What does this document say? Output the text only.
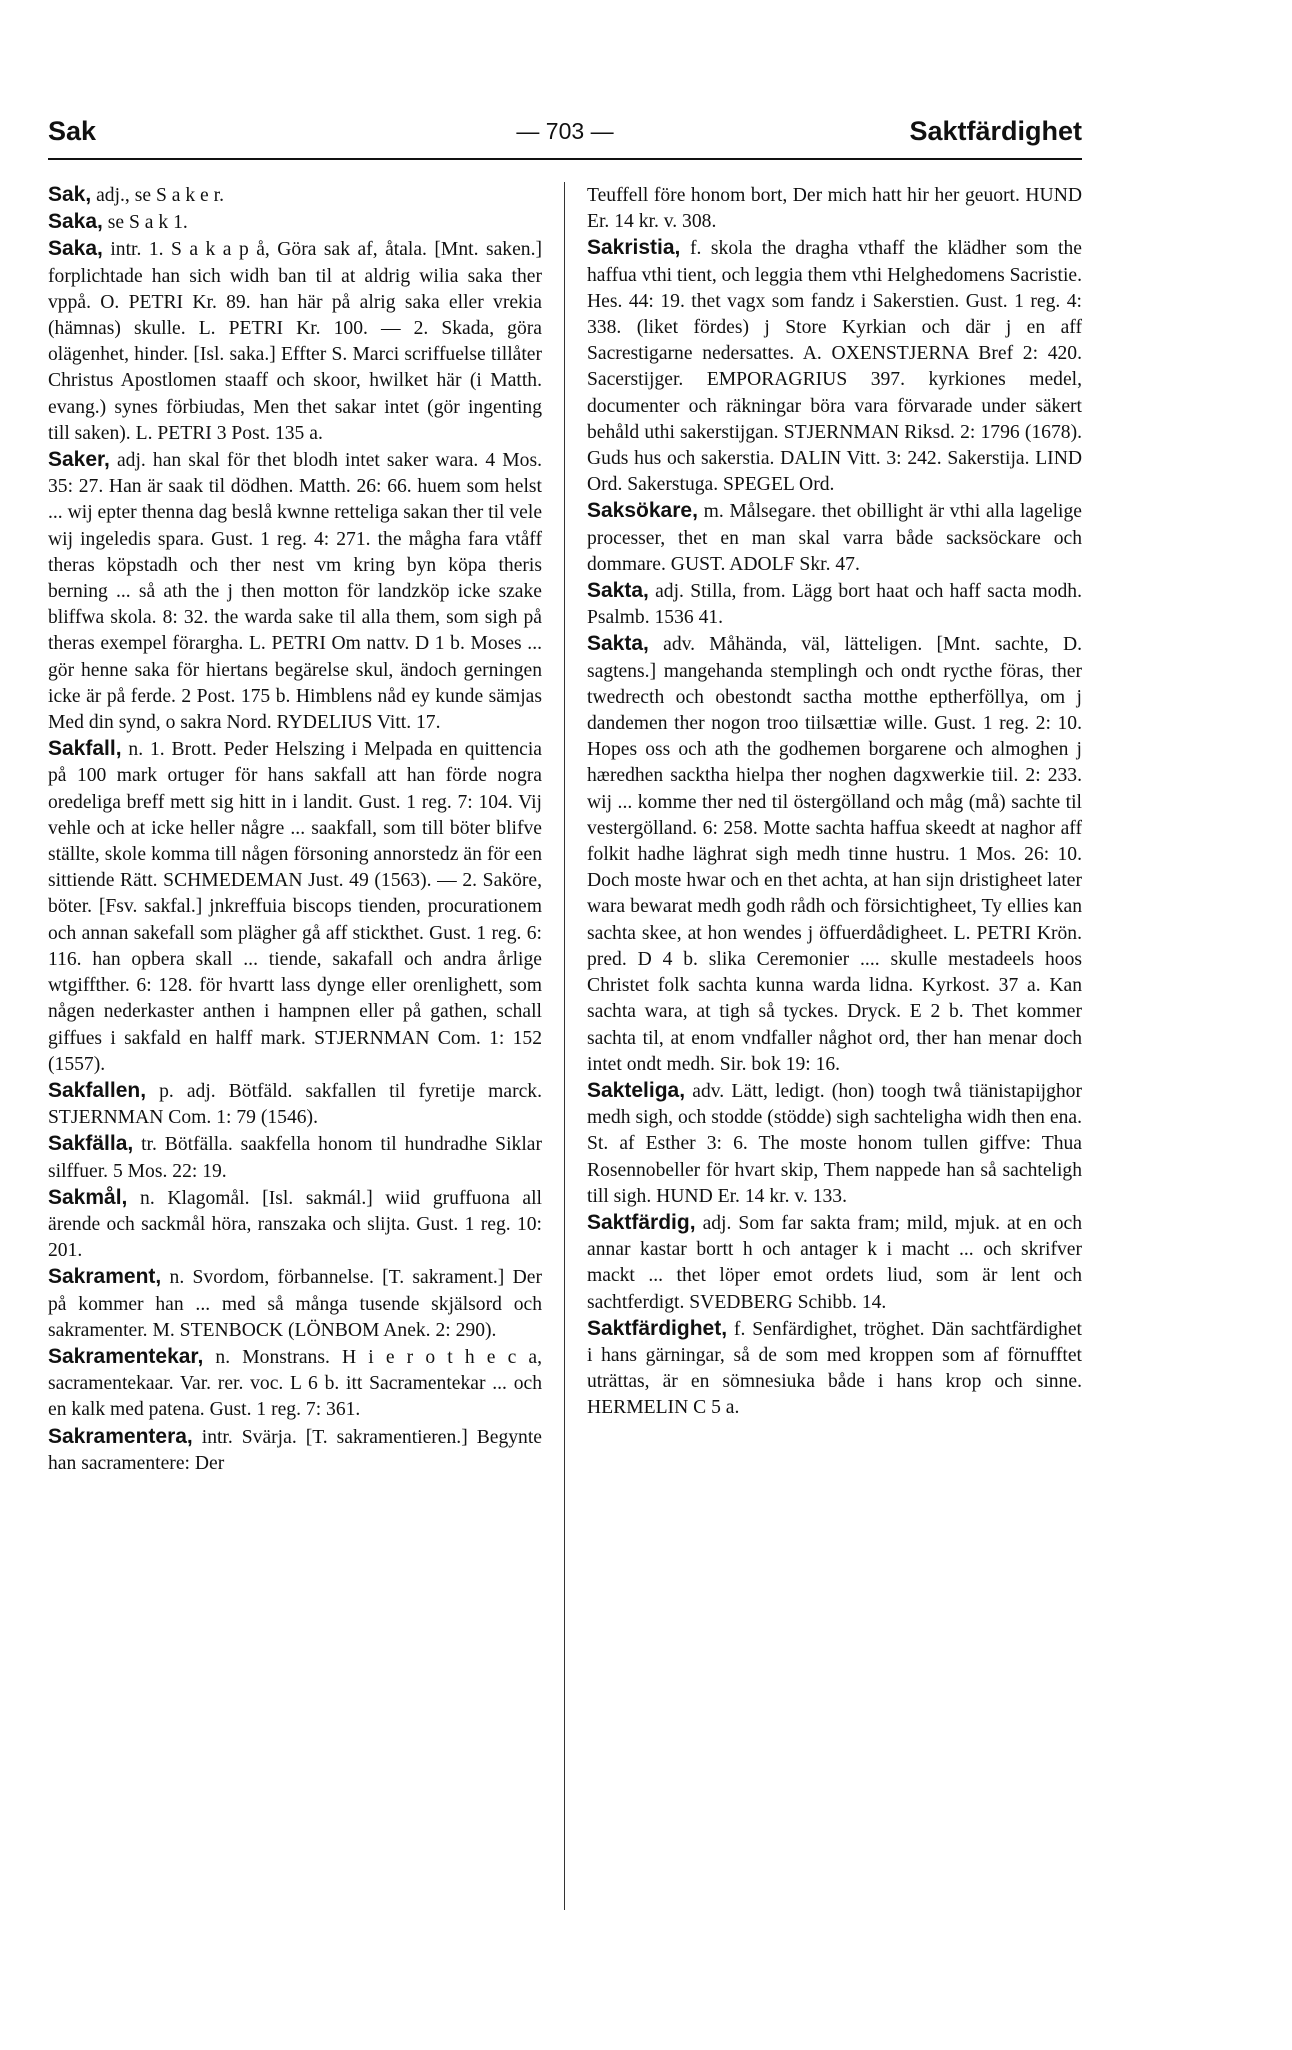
Sak	— 703 —	Saktfärdighet

Sak, adj., se S a k e r.

Saka, se S a k 1.

Saka, intr. 1. S a k a p å, Göra sak af, åtala. [Mnt. saken.] forplichtade han sich widh ban til at aldrig wilia saka ther vppå. O. PETRI Kr. 89. han här på alrig saka eller vrekia (hämnas) skulle. L. PETRI Kr. 100. — 2. Skada, göra olägenhet, hinder. [Isl. saka.] Effter S. Marci scriffuelse tillåter Christus Apostlomen staaff och skoor, hwilket här (i Matth. evang.) synes förbiudas, Men thet sakar intet (gör ingenting till saken). L. PETRI 3 Post. 135 a.

Saker, adj. han skal för thet blodh intet saker wara. 4 Mos. 35: 27. Han är saak til dödhen. Matth. 26: 66. huem som helst ... wij epter thenna dag beslå kwnne retteliga sakan ther til vele wij ingeledis spara. Gust. 1 reg. 4: 271. the mågha fara vtåff theras köpstadh och ther nest vm kring byn köpa theris berning ... så ath the j then motton för landzköp icke szake bliffwa skola. 8: 32. the warda sake til alla them, som sigh på theras exempel förargha. L. PETRI Om nattv. D 1 b. Moses ... gör henne saka för hiertans begärelse skul, ändoch gerningen icke är på ferde. 2 Post. 175 b. Himblens nåd ey kunde sämjas Med din synd, o sakra Nord. RYDELIUS Vitt. 17.

Sakfall, n. 1. Brott. Peder Helszing i Melpada en quittencia på 100 mark ortuger för hans sakfall att han förde nogra oredeliga breff mett sig hitt in i landit. Gust. 1 reg. 7: 104. Vij vehle och at icke heller någre ... saakfall, som till böter blifve ställte, skole komma till någen försoning annorstedz än för een sittiende Rätt. SCHMEDEMAN Just. 49 (1563). — 2. Saköre, böter. [Fsv. sakfal.] jnkreffuia biscops tienden, procurationem och annan sakefall som plägher gå aff stickthet. Gust. 1 reg. 6: 116. han opbera skall ... tiende, sakafall och andra årlige wtgiffther. 6: 128. för hvartt lass dynge eller orenlighett, som någen nederkaster anthen i hampnen eller på gathen, schall giffues i sakfald en halff mark. STJERNMAN Com. 1: 152 (1557).

Sakfallen, p. adj. Bötfäld. sakfallen til fyretije marck. STJERNMAN Com. 1: 79 (1546).

Sakfälla, tr. Bötfälla. saakfella honom til hundradhe Siklar silffuer. 5 Mos. 22: 19.

Sakmål, n. Klagomål. [Isl. sakmál.] wiid gruffuona all ärende och sackmål höra, ranszaka och slijta. Gust. 1 reg. 10: 201.

Sakrament, n. Svordom, förbannelse. [T. sakrament.] Der på kommer han ... med så många tusende skjälsord och sakramenter. M. STENBOCK (LÖNBOM Anek. 2: 290).

Sakramentekar, n. Monstrans. H i e r o t h e c a, sacramentekaar. Var. rer. voc. L 6 b. itt Sacramentekar ... och en kalk med patena. Gust. 1 reg. 7: 361.

Sakramentera, intr. Svärja. [T. sakramentieren.] Begynte han sacramentere: Der

Teuffell före honom bort, Der mich hatt hir her geuort. HUND Er. 14 kr. v. 308.

Sakristia, f. skola the dragha vthaff the klädher som the haffua vthi tient, och leggia them vthi Helghedomens Sacristie. Hes. 44: 19. thet vagx som fandz i Sakerstien. Gust. 1 reg. 4: 338. (liket fördes) j Store Kyrkian och där j en aff Sacrestigarne nedersattes. A. OXENSTJERNA Bref 2: 420. Sacerstijger. EMPORAGRIUS 397. kyrkiones medel, documenter och räkningar böra vara förvarade under säkert behåld uthi sakerstijgan. STJERNMAN Riksd. 2: 1796 (1678). Guds hus och sakerstia. DALIN Vitt. 3: 242. Sakerstija. LIND Ord. Sakerstuga. SPEGEL Ord.

Saksökare, m. Målsegare. thet obillight är vthi alla lagelige processer, thet en man skal varra både sacksöckare och dommare. GUST. ADOLF Skr. 47.

Sakta, adj. Stilla, from. Lägg bort haat och haff sacta modh. Psalmb. 1536 41.

Sakta, adv. Måhända, väl, lätteligen. [Mnt. sachte, D. sagtens.] mangehanda stemplingh och ondt rycthe föras, ther twedrecth och obestondt sactha motthe eptherföllya, om j dandemen ther nogon troo tiilsættiæ wille. Gust. 1 reg. 2: 10. Hopes oss och ath the godhemen borgarene och almoghen j hæredhen sacktha hielpa ther noghen dagxwerkie tiil. 2: 233. wij ... komme ther ned til östergölland och måg (må) sachte til vestergölland. 6: 258. Motte sachta haffua skeedt at naghor aff folkit hadhe läghrat sigh medh tinne hustru. 1 Mos. 26: 10. Doch moste hwar och en thet achta, at han sijn dristigheet later wara bewarat medh godh rådh och försichtigheet, Ty ellies kan sachta skee, at hon wendes j öffuerdådigheet. L. PETRI Krön. pred. D 4 b. slika Ceremonier .... skulle mestadeels hoos Christet folk sachta kunna warda lidna. Kyrkost. 37 a. Kan sachta wara, at tigh så tyckes. Dryck. E 2 b. Thet kommer sachta til, at enom vndfaller någhot ord, ther han menar doch intet ondt medh. Sir. bok 19: 16.

Sakteliga, adv. Lätt, ledigt. (hon) toogh twå tiänistapijghor medh sigh, och stodde (stödde) sigh sachteligha widh then ena. St. af Esther 3: 6. The moste honom tullen giffve: Thua Rosennobeller för hvart skip, Them nappede han så sachteligh till sigh. HUND Er. 14 kr. v. 133.

Saktfärdig, adj. Som far sakta fram; mild, mjuk. at en och annar kastar bortt h och antager k i macht ... och skrifver mackt ... thet löper emot ordets liud, som är lent och sachtferdigt. SVEDBERG Schibb. 14.

Saktfärdighet, f. Senfärdighet, tröghet. Dän sachtfärdighet i hans gärningar, så de som med kroppen som af förnufftet uträttas, är en sömnesiuka både i hans krop och sinne. HERMELIN C 5 a.
